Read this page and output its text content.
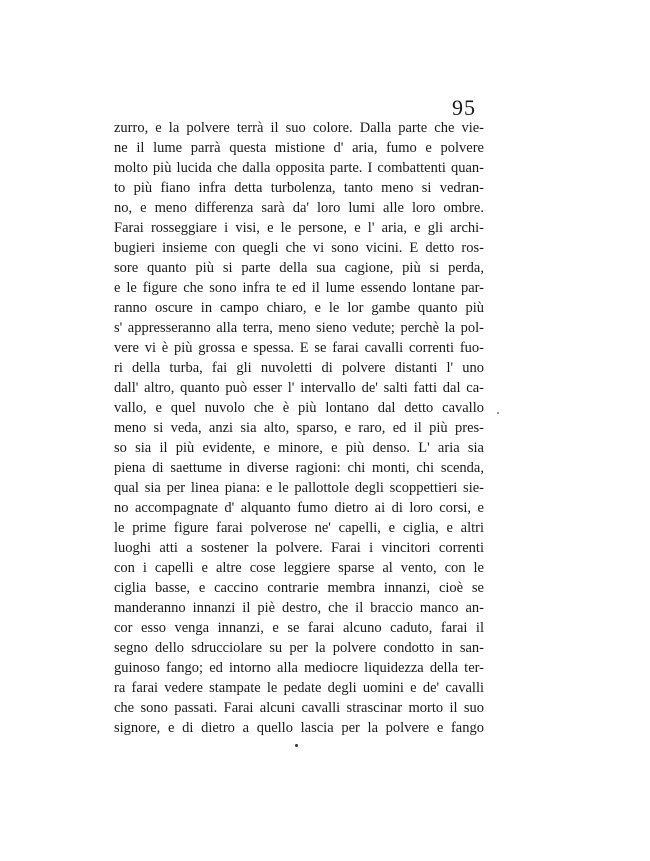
95
zurro, e la polvere terrà il suo colore. Dalla parte che vie-
ne il lume parrà questa mistione d' aria, fumo e polvere
molto più lucida che dalla opposita parte. I combattenti quan-
to più fiano infra detta turbolenza, tanto meno si vedran-
no, e meno differenza sarà da' loro lumi alle loro ombre.
Farai rosseggiare i visi, e le persone, e l' aria, e gli archi-
bugieri insieme con quegli che vi sono vicini. E detto ros-
sore quanto più si parte della sua cagione, più si perda,
e le figure che sono infra te ed il lume essendo lontane par-
ranno oscure in campo chiaro, e le lor gambe quanto più
s' appresseranno alla terra, meno sieno vedute; perchè la pol-
vere vi è più grossa e spessa. E se farai cavalli correnti fuo-
ri della turba, fai gli nuvoletti di polvere distanti l' uno
dall' altro, quanto può esser l' intervallo de' salti fatti dal ca-
vallo, e quel nuvolo che è più lontano dal detto cavallo
meno si veda, anzi sia alto, sparso, e raro, ed il più pres-
so sia il più evidente, e minore, e più denso. L' aria sia
piena di saettume in diverse ragioni: chi monti, chi scenda,
qual sia per linea piana: e le pallottole degli scoppettieri sie-
no accompagnate d' alquanto fumo dietro ai di loro corsi, e
le prime figure farai polverose ne' capelli, e ciglia, e altri
luoghi atti a sostener la polvere. Farai i vincitori correnti
con i capelli e altre cose leggiere sparse al vento, con le
ciglia basse, e caccino contrarie membra innanzi, cioè se
manderanno innanzi il piè destro, che il braccio manco an-
cor esso venga innanzi, e se farai alcuno caduto, farai il
segno dello sdrucciolare su per la polvere condotto in san-
guinoso fango; ed intorno alla mediocre liquidezza della ter-
ra farai vedere stampate le pedate degli uomini e de' cavalli
che sono passati. Farai alcuni cavalli strascinar morto il suo
signore, e di dietro a quello lascia per la polvere e fango
